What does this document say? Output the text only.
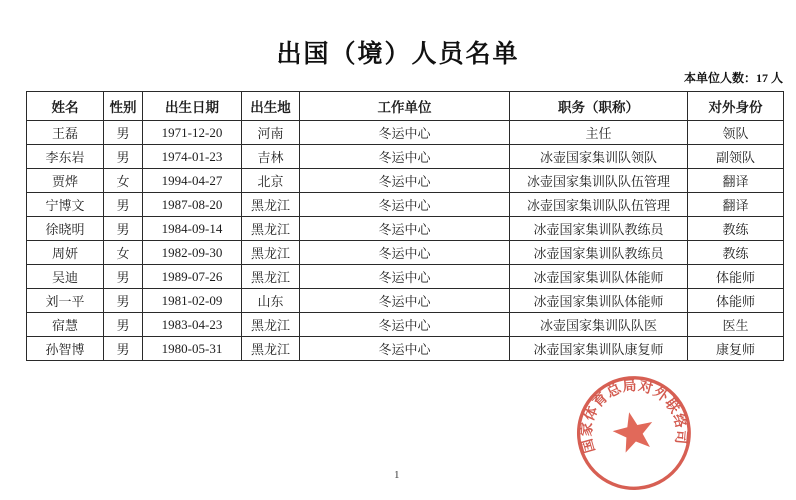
出国（境）人员名单
本单位人数：17 人
姓名	性别	出生日期	出生地	工作单位	职务（职称）	对外身份
王磊	男	1971-12-20	河南	冬运中心	主任	领队
李东岩	男	1974-01-23	吉林	冬运中心	冰壶国家集训队领队	副领队
贾烨	女	1994-04-27	北京	冬运中心	冰壶国家集训队队伍管理	翻译
宁博文	男	1987-08-20	黑龙江	冬运中心	冰壶国家集训队队伍管理	翻译
徐晓明	男	1984-09-14	黑龙江	冬运中心	冰壶国家集训队教练员	教练
周妍	女	1982-09-30	黑龙江	冬运中心	冰壶国家集训队教练员	教练
吴迪	男	1989-07-26	黑龙江	冬运中心	冰壶国家集训队体能师	体能师
刘一平	男	1981-02-09	山东	冬运中心	冰壶国家集训队体能师	体能师
宿慧	男	1983-04-23	黑龙江	冬运中心	冰壶国家集训队队医	医生
孙智博	男	1980-05-31	黑龙江	冬运中心	冰壶国家集训队康复师	康复师
国家体育总局对外联络司
1
